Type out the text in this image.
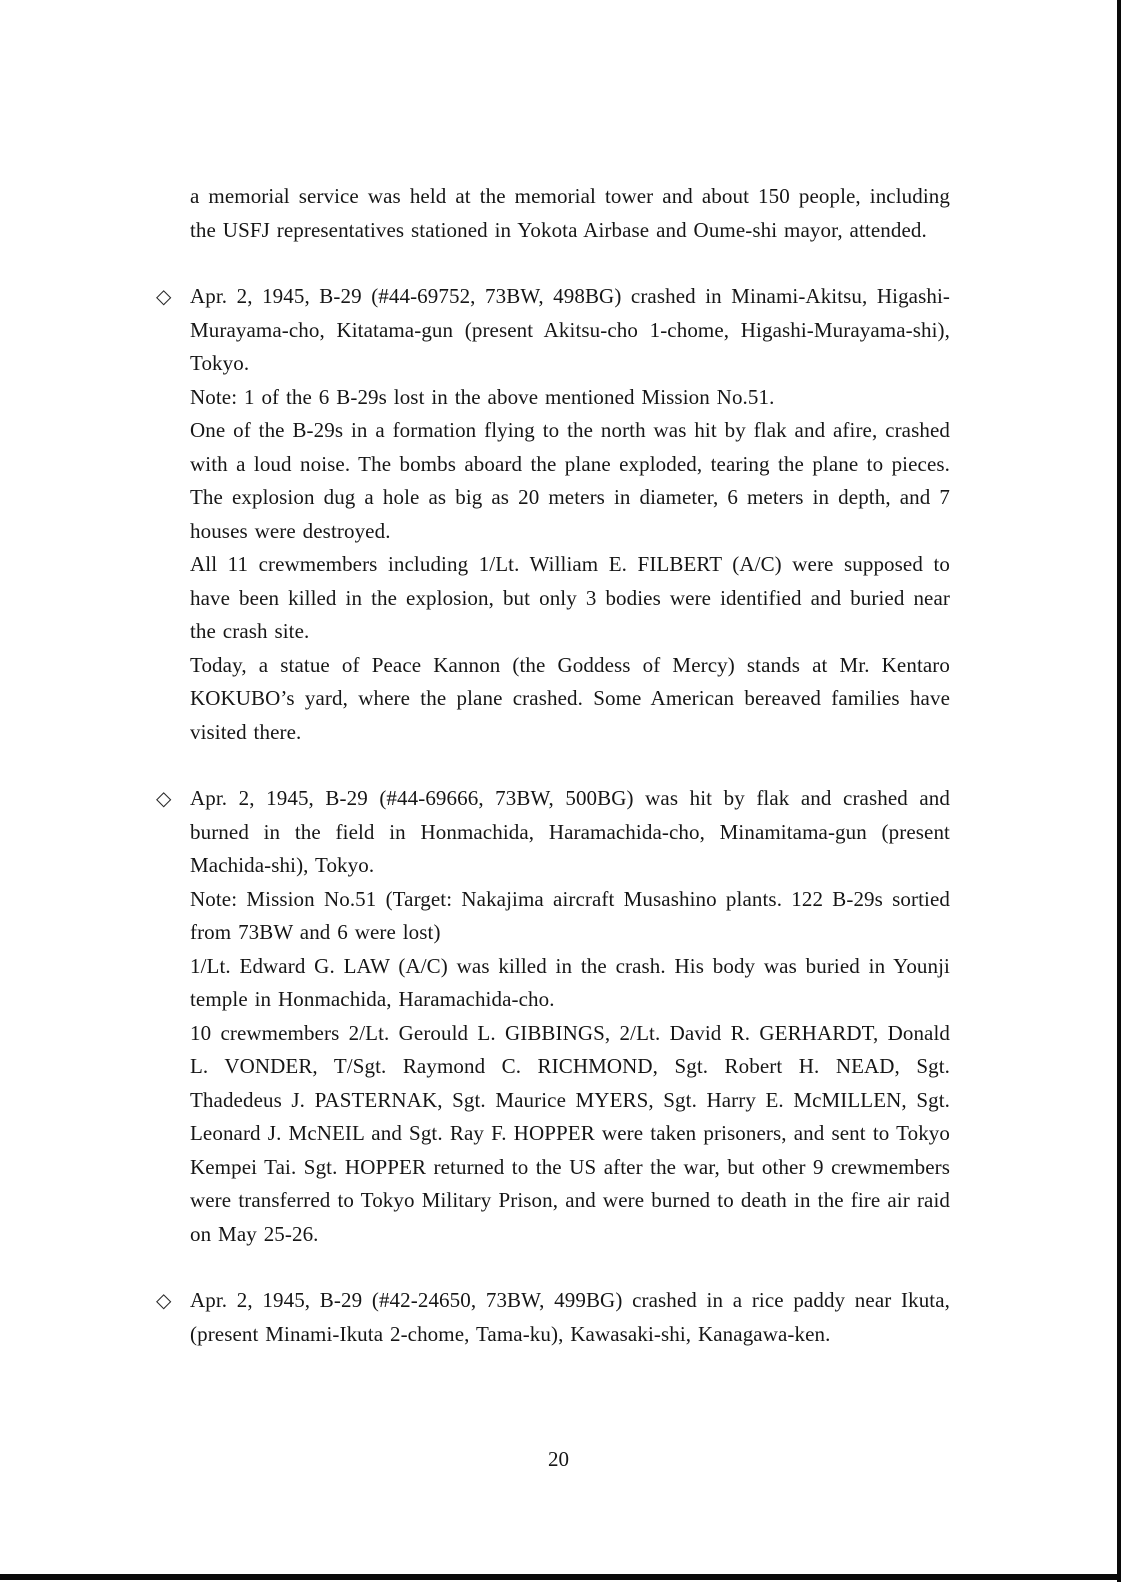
a memorial service was held at the memorial tower and about 150 people, including the USFJ representatives stationed in Yokota Airbase and Oume-shi mayor, attended.

◇ Apr. 2, 1945, B-29 (#44-69752, 73BW, 498BG) crashed in Minami-Akitsu, Higashi-Murayama-cho, Kitatama-gun (present Akitsu-cho 1-chome, Higashi-Murayama-shi), Tokyo.

Note: 1 of the 6 B-29s lost in the above mentioned Mission No.51.

One of the B-29s in a formation flying to the north was hit by flak and afire, crashed with a loud noise. The bombs aboard the plane exploded, tearing the plane to pieces. The explosion dug a hole as big as 20 meters in diameter, 6 meters in depth, and 7 houses were destroyed.

All 11 crewmembers including 1/Lt. William E. FILBERT (A/C) were supposed to have been killed in the explosion, but only 3 bodies were identified and buried near the crash site.

Today, a statue of Peace Kannon (the Goddess of Mercy) stands at Mr. Kentaro KOKUBO’s yard, where the plane crashed. Some American bereaved families have visited there.

◇ Apr. 2, 1945, B-29 (#44-69666, 73BW, 500BG) was hit by flak and crashed and burned in the field in Honmachida, Haramachida-cho, Minamitama-gun (present Machida-shi), Tokyo.

Note: Mission No.51 (Target: Nakajima aircraft Musashino plants. 122 B-29s sortied from 73BW and 6 were lost)

1/Lt. Edward G. LAW (A/C) was killed in the crash. His body was buried in Younji temple in Honmachida, Haramachida-cho.

10 crewmembers 2/Lt. Gerould L. GIBBINGS, 2/Lt. David R. GERHARDT, Donald L. VONDER, T/Sgt. Raymond C. RICHMOND, Sgt. Robert H. NEAD, Sgt. Thadedeus J. PASTERNAK, Sgt. Maurice MYERS, Sgt. Harry E. McMILLEN, Sgt. Leonard J. McNEIL and Sgt. Ray F. HOPPER were taken prisoners, and sent to Tokyo Kempei Tai. Sgt. HOPPER returned to the US after the war, but other 9 crewmembers were transferred to Tokyo Military Prison, and were burned to death in the fire air raid on May 25-26.

◇ Apr. 2, 1945, B-29 (#42-24650, 73BW, 499BG) crashed in a rice paddy near Ikuta, (present Minami-Ikuta 2-chome, Tama-ku), Kawasaki-shi, Kanagawa-ken.

20
